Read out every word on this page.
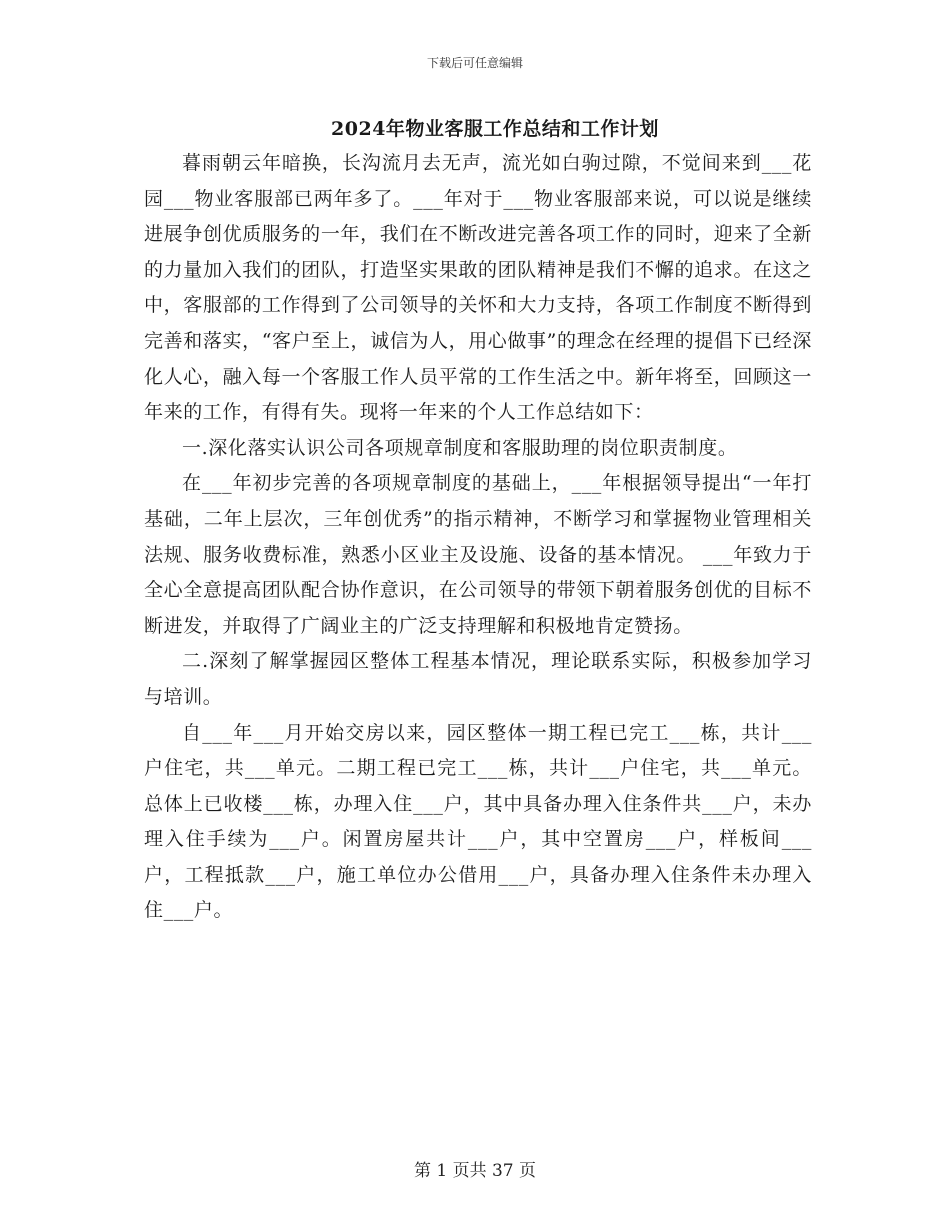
下载后可任意编辑
2024年物业客服工作总结和工作计划

暮雨朝云年暗换，长沟流月去无声，流光如白驹过隙，不觉间来到___花园___物业客服部已两年多了。___年对于___物业客服部来说，可以说是继续进展争创优质服务的一年，我们在不断改进完善各项工作的同时，迎来了全新的力量加入我们的团队，打造坚实果敢的团队精神是我们不懈的追求。在这之中，客服部的工作得到了公司领导的关怀和大力支持，各项工作制度不断得到完善和落实，“客户至上，诚信为人，用心做事”的理念在经理的提倡下已经深化人心，融入每一个客服工作人员平常的工作生活之中。新年将至，回顾这一年来的工作，有得有失。现将一年来的个人工作总结如下：

一.深化落实认识公司各项规章制度和客服助理的岗位职责制度。

在___年初步完善的各项规章制度的基础上，___年根据领导提出“一年打基础，二年上层次，三年创优秀”的指示精神，不断学习和掌握物业管理相关法规、服务收费标准，熟悉小区业主及设施、设备的基本情况。 ___年致力于全心全意提高团队配合协作意识，在公司领导的带领下朝着服务创优的目标不断进发，并取得了广阔业主的广泛支持理解和积极地肯定赞扬。

二.深刻了解掌握园区整体工程基本情况，理论联系实际，积极参加学习与培训。

自___年___月开始交房以来，园区整体一期工程已完工___栋，共计___户住宅，共___单元。二期工程已完工___栋，共计___户住宅，共___单元。总体上已收楼___栋，办理入住___户，其中具备办理入住条件共___户，未办理入住手续为___户。闲置房屋共计___户，其中空置房___户，样板间___户，工程抵款___户，施工单位办公借用___户，具备办理入住条件未办理入住___户。

第 1 页共 37 页
